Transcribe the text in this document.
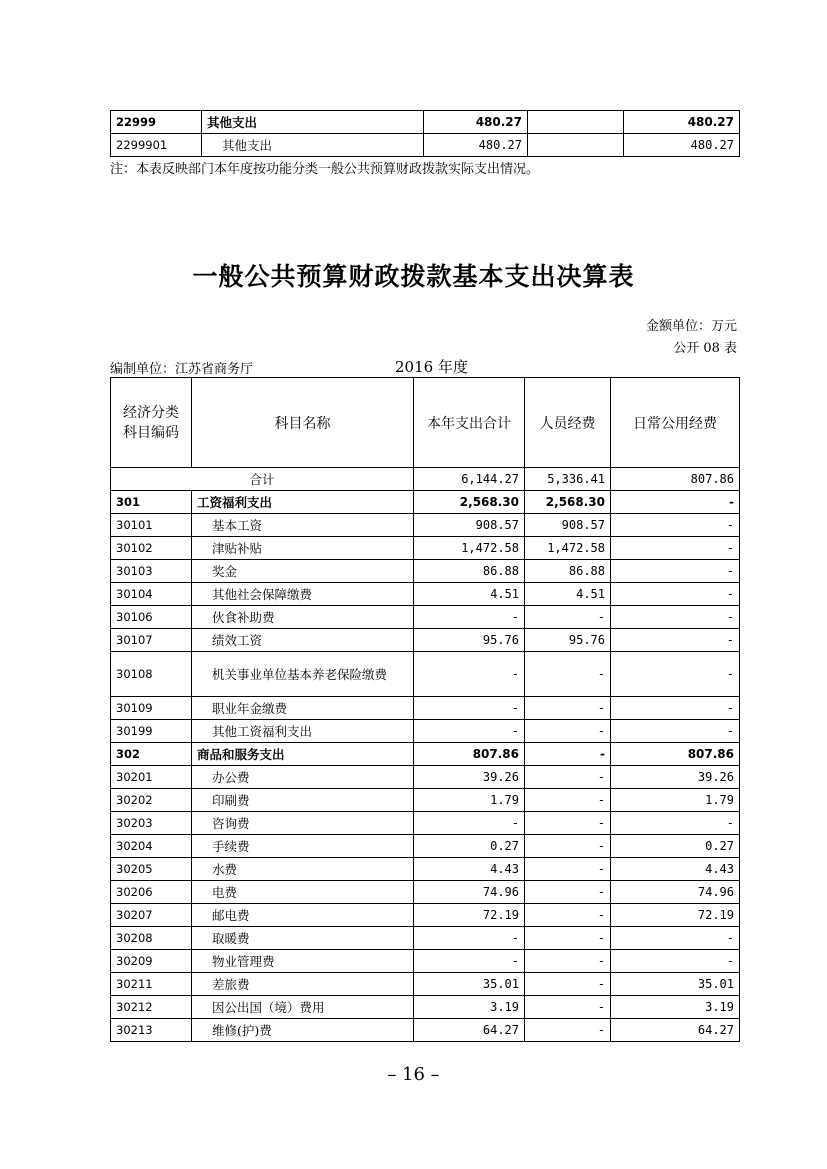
22999	其他支出	480.27		480.27
2299901	其他支出	480.27		480.27
注：本表反映部门本年度按功能分类一般公共预算财政拨款实际支出情况。
一般公共预算财政拨款基本支出决算表
金额单位：万元
公开 08 表
编制单位：江苏省商务厅	2016 年度
经济分类科目编码	科目名称	本年支出合计	人员经费	日常公用经费
合计		6,144.27	5,336.41	807.86
301	工资福利支出	2,568.30	2,568.30	-
30101	基本工资	908.57	908.57	-
30102	津贴补贴	1,472.58	1,472.58	-
30103	奖金	86.88	86.88	-
30104	其他社会保障缴费	4.51	4.51	-
30106	伙食补助费	-	-	-
30107	绩效工资	95.76	95.76	-
30108	机关事业单位基本养老保险缴费	-	-	-
30109	职业年金缴费	-	-	-
30199	其他工资福利支出	-	-	-
302	商品和服务支出	807.86	-	807.86
30201	办公费	39.26	-	39.26
30202	印刷费	1.79	-	1.79
30203	咨询费	-	-	-
30204	手续费	0.27	-	0.27
30205	水费	4.43	-	4.43
30206	电费	74.96	-	74.96
30207	邮电费	72.19	-	72.19
30208	取暖费	-	-	-
30209	物业管理费	-	-	-
30211	差旅费	35.01	-	35.01
30212	因公出国（境）费用	3.19	-	3.19
30213	维修(护)费	64.27	-	64.27
– 16 –
